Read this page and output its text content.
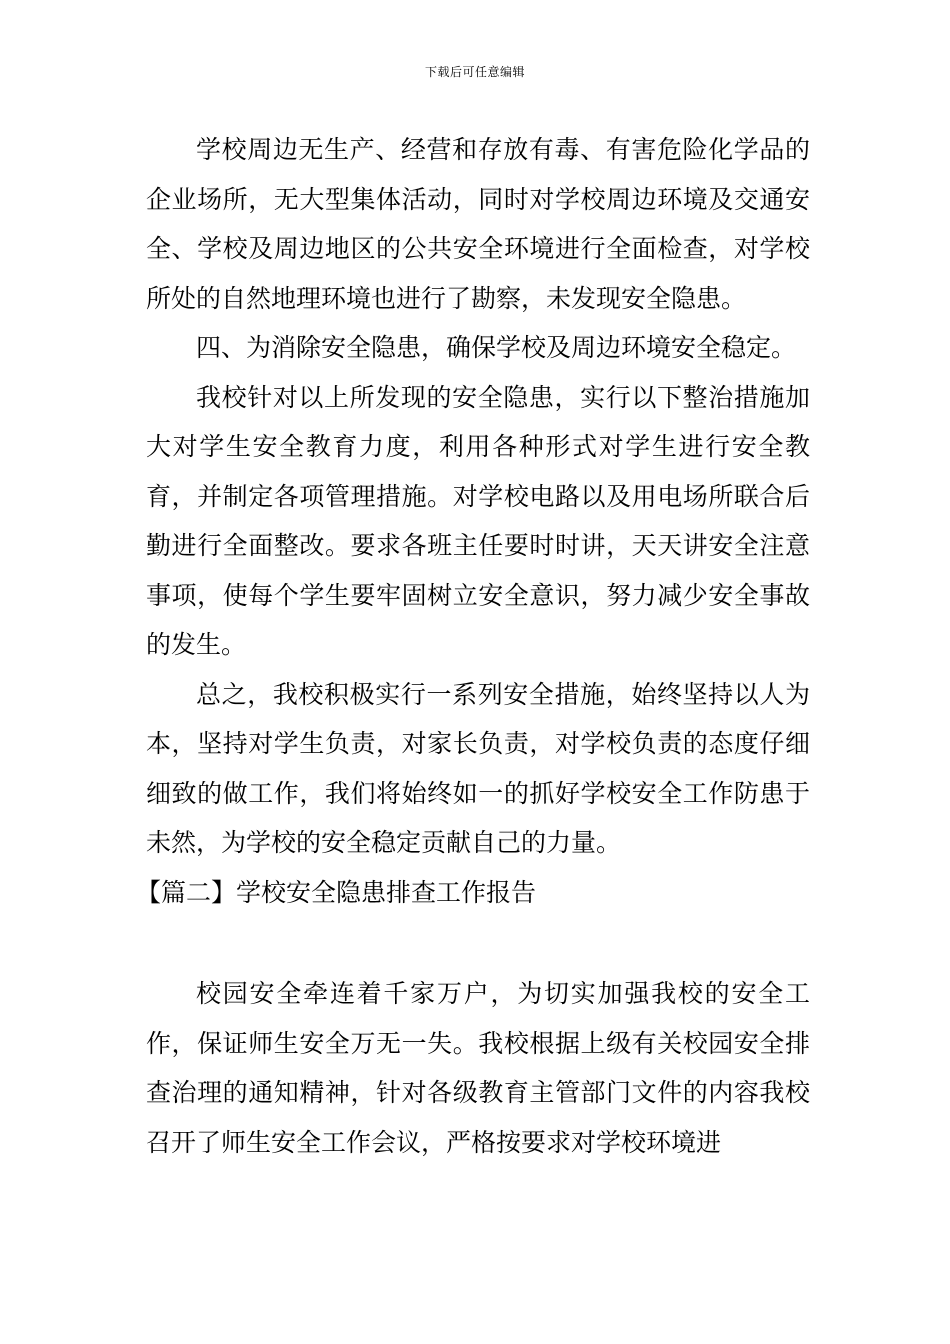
下载后可任意编辑

学校周边无生产、经营和存放有毒、有害危险化学品的企业场所，无大型集体活动，同时对学校周边环境及交通安全、学校及周边地区的公共安全环境进行全面检查，对学校所处的自然地理环境也进行了勘察，未发现安全隐患。

四、为消除安全隐患，确保学校及周边环境安全稳定。

我校针对以上所发现的安全隐患，实行以下整治措施加大对学生安全教育力度，利用各种形式对学生进行安全教育，并制定各项管理措施。对学校电路以及用电场所联合后勤进行全面整改。要求各班主任要时时讲，天天讲安全注意事项，使每个学生要牢固树立安全意识，努力减少安全事故的发生。

总之，我校积极实行一系列安全措施，始终坚持以人为本，坚持对学生负责，对家长负责，对学校负责的态度仔细细致的做工作，我们将始终如一的抓好学校安全工作防患于未然，为学校的安全稳定贡献自己的力量。

【篇二】学校安全隐患排查工作报告

校园安全牵连着千家万户，为切实加强我校的安全工作，保证师生安全万无一失。我校根据上级有关校园安全排查治理的通知精神，针对各级教育主管部门文件的内容我校召开了师生安全工作会议，严格按要求对学校环境进
